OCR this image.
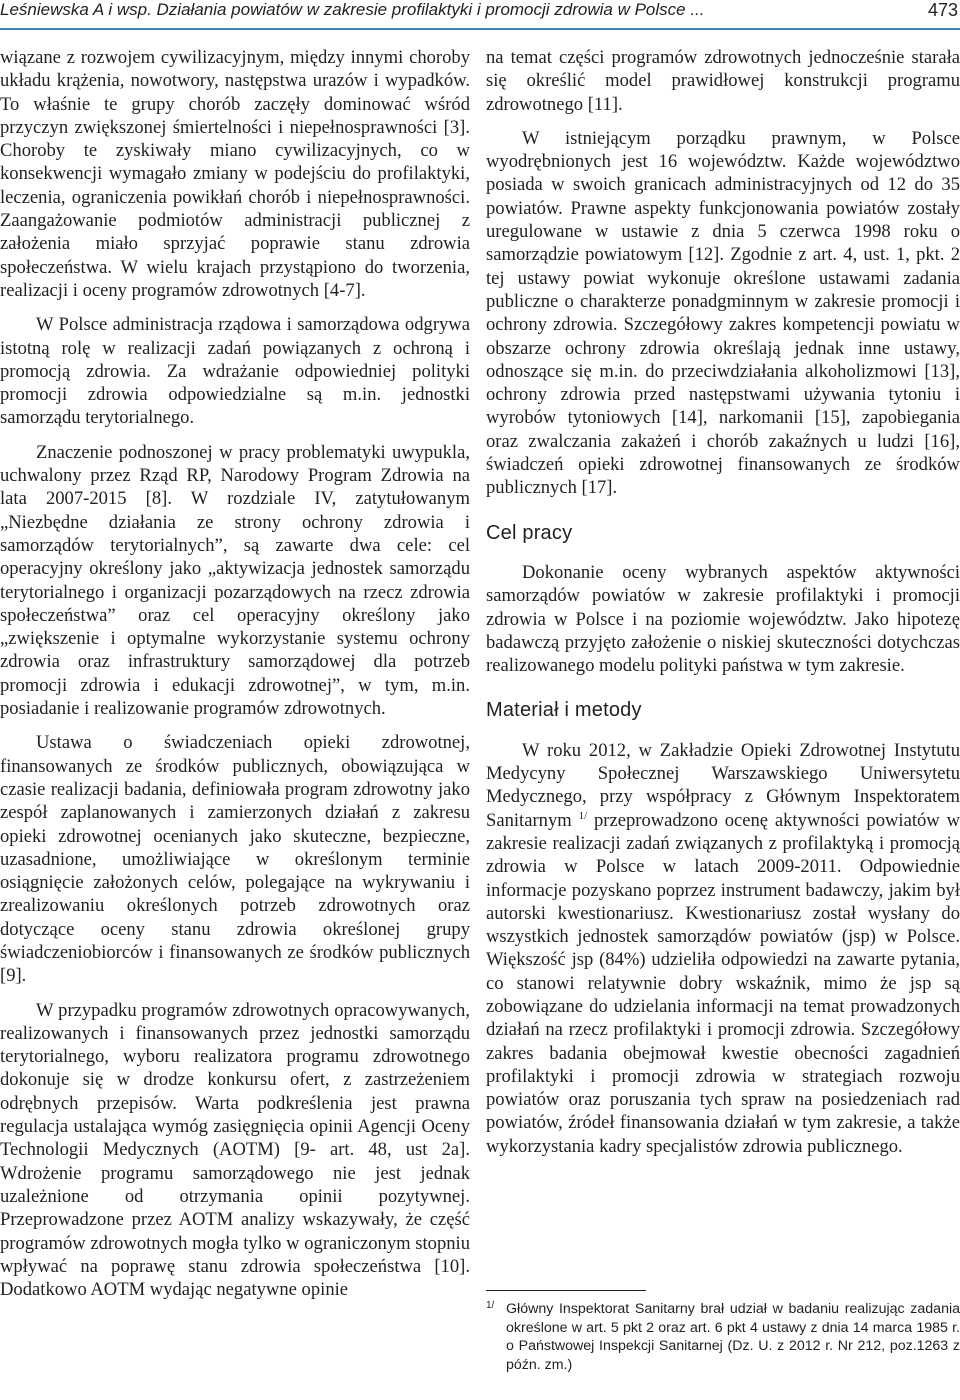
Leśniewska A i wsp. Działania powiatów w zakresie profilaktyki i promocji zdrowia w Polsce ...	473

wiązane z rozwojem cywilizacyjnym, między innymi choroby układu krążenia, nowotwory, następstwa urazów i wypadków. To właśnie te grupy chorób zaczęły dominować wśród przyczyn zwiększonej śmiertelności i niepełnosprawności [3]. Choroby te zyskiwały miano cywilizacyjnych, co w konsekwencji wymagało zmiany w podejściu do profilaktyki, leczenia, ograniczenia powikłań chorób i niepełnosprawności. Zaangażowanie podmiotów administracji publicznej z założenia miało sprzyjać poprawie stanu zdrowia społeczeństwa. W wielu krajach przystąpiono do tworzenia, realizacji i oceny programów zdrowotnych [4-7].

W Polsce administracja rządowa i samorządowa odgrywa istotną rolę w realizacji zadań powiązanych z ochroną i promocją zdrowia. Za wdrażanie odpowiedniej polityki promocji zdrowia odpowiedzialne są m.in. jednostki samorządu terytorialnego.

Znaczenie podnoszonej w pracy problematyki uwypukla, uchwalony przez Rząd RP, Narodowy Program Zdrowia na lata 2007-2015 [8]. W rozdziale IV, zatytułowanym „Niezbędne działania ze strony ochrony zdrowia i samorządów terytorialnych”, są zawarte dwa cele: cel operacyjny określony jako „aktywizacja jednostek samorządu terytorialnego i organizacji pozarządowych na rzecz zdrowia społeczeństwa” oraz cel operacyjny określony jako „zwiększenie i optymalne wykorzystanie systemu ochrony zdrowia oraz infrastruktury samorządowej dla potrzeb promocji zdrowia i edukacji zdrowotnej”, w tym, m.in. posiadanie i realizowanie programów zdrowotnych.

Ustawa o świadczeniach opieki zdrowotnej, finansowanych ze środków publicznych, obowiązująca w czasie realizacji badania, definiowała program zdrowotny jako zespół zaplanowanych i zamierzonych działań z zakresu opieki zdrowotnej ocenianych jako skuteczne, bezpieczne, uzasadnione, umożliwiające w określonym terminie osiągnięcie założonych celów, polegające na wykrywaniu i zrealizowaniu określonych potrzeb zdrowotnych oraz dotyczące oceny stanu zdrowia określonej grupy świadczeniobiorców i finansowanych ze środków publicznych [9].

W przypadku programów zdrowotnych opracowywanych, realizowanych i finansowanych przez jednostki samorządu terytorialnego, wyboru realizatora programu zdrowotnego dokonuje się w drodze konkursu ofert, z zastrzeżeniem odrębnych przepisów. Warta podkreślenia jest prawna regulacja ustalająca wymóg zasięgnięcia opinii Agencji Oceny Technologii Medycznych (AOTM) [9- art. 48, ust 2a]. Wdrożenie programu samorządowego nie jest jednak uzależnione od otrzymania opinii pozytywnej. Przeprowadzone przez AOTM analizy wskazywały, że część programów zdrowotnych mogła tylko w ograniczonym stopniu wpływać na poprawę stanu zdrowia społeczeństwa [10]. Dodatkowo AOTM wydając negatywne opinie

na temat części programów zdrowotnych jednocześnie starała się określić model prawidłowej konstrukcji programu zdrowotnego [11].

W istniejącym porządku prawnym, w Polsce wyodrębnionych jest 16 województw. Każde województwo posiada w swoich granicach administracyjnych od 12 do 35 powiatów. Prawne aspekty funkcjonowania powiatów zostały uregulowane w ustawie z dnia 5 czerwca 1998 roku o samorządzie powiatowym [12]. Zgodnie z art. 4, ust. 1, pkt. 2 tej ustawy powiat wykonuje określone ustawami zadania publiczne o charakterze ponadgminnym w zakresie promocji i ochrony zdrowia. Szczegółowy zakres kompetencji powiatu w obszarze ochrony zdrowia określają jednak inne ustawy, odnoszące się m.in. do przeciwdziałania alkoholizmowi [13], ochrony zdrowia przed następstwami używania tytoniu i wyrobów tytoniowych [14], narkomanii [15], zapobiegania oraz zwalczania zakażeń i chorób zakaźnych u ludzi [16], świadczeń opieki zdrowotnej finansowanych ze środków publicznych [17].

Cel pracy

Dokonanie oceny wybranych aspektów aktywności samorządów powiatów w zakresie profilaktyki i promocji zdrowia w Polsce i na poziomie województw. Jako hipotezę badawczą przyjęto założenie o niskiej skuteczności dotychczas realizowanego modelu polityki państwa w tym zakresie.

Materiał i metody

W roku 2012, w Zakładzie Opieki Zdrowotnej Instytutu Medycyny Społecznej Warszawskiego Uniwersytetu Medycznego, przy współpracy z Głównym Inspektoratem Sanitarnym $^{1/}$ przeprowadzono ocenę aktywności powiatów w zakresie realizacji zadań związanych z profilaktyką i promocją zdrowia w Polsce w latach 2009-2011. Odpowiednie informacje pozyskano poprzez instrument badawczy, jakim był autorski kwestionariusz. Kwestionariusz został wysłany do wszystkich jednostek samorządów powiatów (jsp) w Polsce. Większość jsp (84%) udzieliła odpowiedzi na zawarte pytania, co stanowi relatywnie dobry wskaźnik, mimo że jsp są zobowiązane do udzielania informacji na temat prowadzonych działań na rzecz profilaktyki i promocji zdrowia. Szczegółowy zakres badania obejmował kwestie obecności zagadnień profilaktyki i promocji zdrowia w strategiach rozwoju powiatów oraz poruszania tych spraw na posiedzeniach rad powiatów, źródeł finansowania działań w tym zakresie, a także wykorzystania kadry specjalistów zdrowia publicznego.

1/ Główny Inspektorat Sanitarny brał udział w badaniu realizując zadania określone w art. 5 pkt 2 oraz art. 6 pkt 4 ustawy z dnia 14 marca 1985 r. o Państwowej Inspekcji Sanitarnej (Dz. U. z 2012 r. Nr 212, poz.1263 z późn. zm.)
